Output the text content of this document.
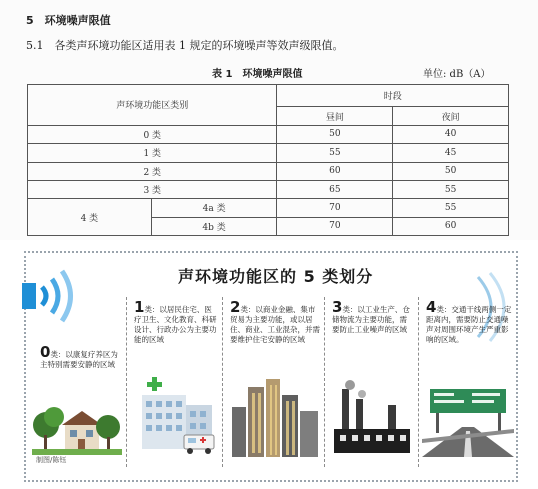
5　环境噪声限值
5.1　各类声环境功能区适用表 1 规定的环境噪声等效声级限值。
表 1　环境噪声限值	单位: dB（A）
声环境功能区类别		时段	
		昼间	夜间
0 类		50	40
1 类		55	45
2 类		60	50
3 类		65	55
4 类	4a 类	70	55
	4b 类	70	60
声环境功能区的 5 类划分
0类：以康复疗养区为主特别需要安静的区域
1类：以居民住宅、医疗卫生、文化教育、科研设计、行政办公为主要功能的区域
2类：以商业金融、集市贸易为主要功能，或以居住、商业、工业混杂，并需要维护住宅安静的区域
3类：以工业生产、仓储物流为主要功能，需要防止工业噪声的区域
4类：交通干线两侧一定距离内，需要防止交通噪声对周围环境产生严重影响的区域。
制图/陈钰
